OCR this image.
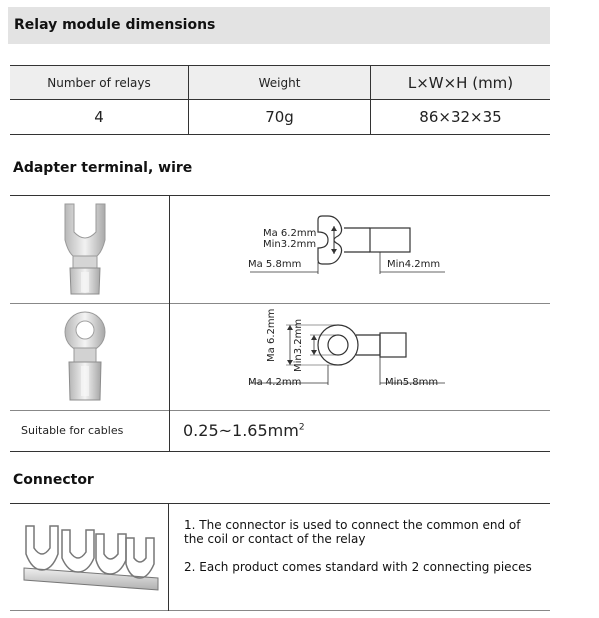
Relay module dimensions
Number of relays	Weight	L×W×H (mm)
4	70g	86×32×35
Adapter terminal, wire
Ma 6.2mm
Min3.2mm
Ma 5.8mm	Min4.2mm
Ma 6.2mm Min3.2mm
Ma 4.2mm	Min5.8mm
Suitable for cables	$0.25\sim 1.65mm^2$
Connector
1. The connector is used to connect the common end of the coil or contact of the relay
2. Each product comes standard with 2 connecting pieces
